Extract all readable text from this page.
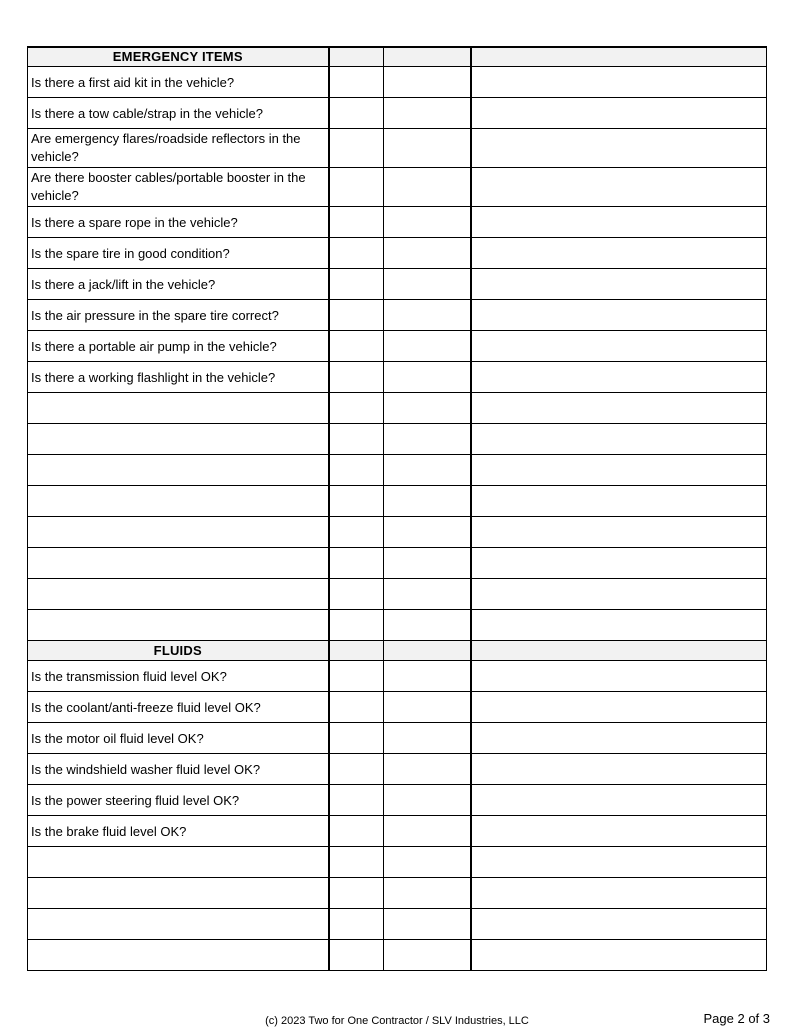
EMERGENCY ITEMS			
Is there a first aid kit in the vehicle?			
Is there a tow cable/strap in the vehicle?			
Are emergency flares/roadside reflectors in the vehicle?			
Are there booster cables/portable booster in the vehicle?			
Is there a spare rope in the vehicle?			
Is the spare tire in good condition?			
Is there a jack/lift in the vehicle?			
Is the air pressure in the spare tire correct?			
Is there a portable air pump in the vehicle?			
Is there a working flashlight in the vehicle?			

FLUIDS			
Is the transmission fluid level OK?			
Is the coolant/anti-freeze fluid level OK?			
Is the motor oil fluid level OK?			
Is the windshield washer fluid level OK?			
Is the power steering fluid level OK?			
Is the brake fluid level OK?			

(c) 2023 Two for One Contractor / SLV Industries, LLC	Page 2 of 3
